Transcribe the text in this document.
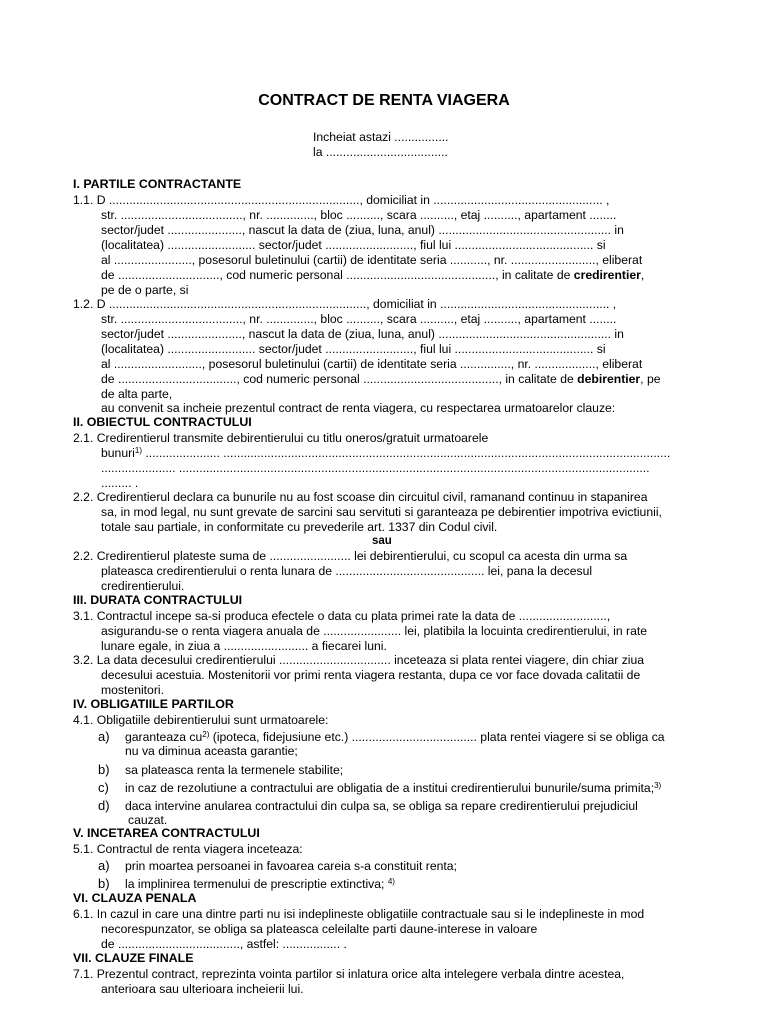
CONTRACT DE RENTA VIAGERA
Incheiat astazi ................
la ....................................
I. PARTILE CONTRACTANTE
1.1. D .........................................................................., domiciliat in .................................................. ,
str. ...................................., nr. .............., bloc .........., scara .........., etaj .........., apartament ........
sector/judet ......................, nascut la data de (ziua, luna, anul) ................................................... in
(localitatea) .......................... sector/judet .........................., fiul lui ......................................... si
al ......................., posesorul buletinului (cartii) de identitate seria ..........., nr. ........................., eliberat
de .............................., cod numeric personal ............................................, in calitate de credirentier,
pe de o parte, si
1.2. D ............................................................................, domiciliat in .................................................. ,
str. ...................................., nr. .............., bloc .........., scara .........., etaj .........., apartament ........
sector/judet ......................, nascut la data de (ziua, luna, anul) ................................................... in
(localitatea) .......................... sector/judet .........................., fiul lui ......................................... si
al .........................., posesorul buletinului (cartii) de identitate seria ..............., nr. .................., eliberat
de ..................................., cod numeric personal ........................................, in calitate de debirentier, pe
de alta parte,
au convenit sa incheie prezentul contract de renta viagera, cu respectarea urmatoarelor clauze:
II. OBIECTUL CONTRACTULUI
2.1. Credirentierul transmite debirentierului cu titlu oneros/gratuit urmatoarele
bunuri$^{1)}$ ...................... ....................................................................................................................................
...................... ...........................................................................................................................................
......... .
2.2. Credirentierul declara ca bunurile nu au fost scoase din circuitul civil, ramanand continuu in stapanirea
sa, in mod legal, nu sunt grevate de sarcini sau servituti si garanteaza pe debirentier impotriva evictiunii,
totale sau partiale, in conformitate cu prevederile art. 1337 din Codul civil.
sau
2.2. Credirentierul plateste suma de ........................ lei debirentierului, cu scopul ca acesta din urma sa
plateasca credirentierului o renta lunara de ............................................ lei, pana la decesul
credirentierului.
III. DURATA CONTRACTULUI
3.1. Contractul incepe sa-si produca efectele o data cu plata primei rate la data de ..........................,
asigurandu-se o renta viagera anuala de ....................... lei, platibila la locuinta credirentierului, in rate
lunare egale, in ziua a ......................... a fiecarei luni.
3.2. La data decesului credirentierului ................................. inceteaza si plata rentei viagere, din chiar ziua
decesului acestuia. Mostenitorii vor primi renta viagera restanta, dupa ce vor face dovada calitatii de
mostenitori.
IV. OBLIGATIILE PARTILOR
4.1. Obligatiile debirentierului sunt urmatoarele:
a) garanteaza $cu^{2)}$ (ipoteca, fidejusiune etc.) ..................................... plata rentei viagere si se obliga ca
nu va diminua aceasta garantie;
b) sa plateasca renta la termenele stabilite;
c) in caz de rezolutiune a contractului are obligatia de a institui credirentierului bunurile/suma primita;$^{3)}$
d) daca intervine anularea contractului din culpa sa, se obliga sa repare credirentierului prejudiciul
cauzat.
V. INCETAREA CONTRACTULUI
5.1. Contractul de renta viagera inceteaza:
a) prin moartea persoanei in favoarea careia s-a constituit renta;
b) la implinirea termenului de prescriptie extinctiva; $^{4)}$
VI. CLAUZA PENALA
6.1. In cazul in care una dintre parti nu isi indeplineste obligatiile contractuale sau si le indeplineste in mod
necorespunzator, se obliga sa plateasca celeilalte parti daune-interese in valoare
de ...................................., astfel: ................. .
VII. CLAUZE FINALE
7.1. Prezentul contract, reprezinta vointa partilor si inlatura orice alta intelegere verbala dintre acestea,
anterioara sau ulterioara incheierii lui.
